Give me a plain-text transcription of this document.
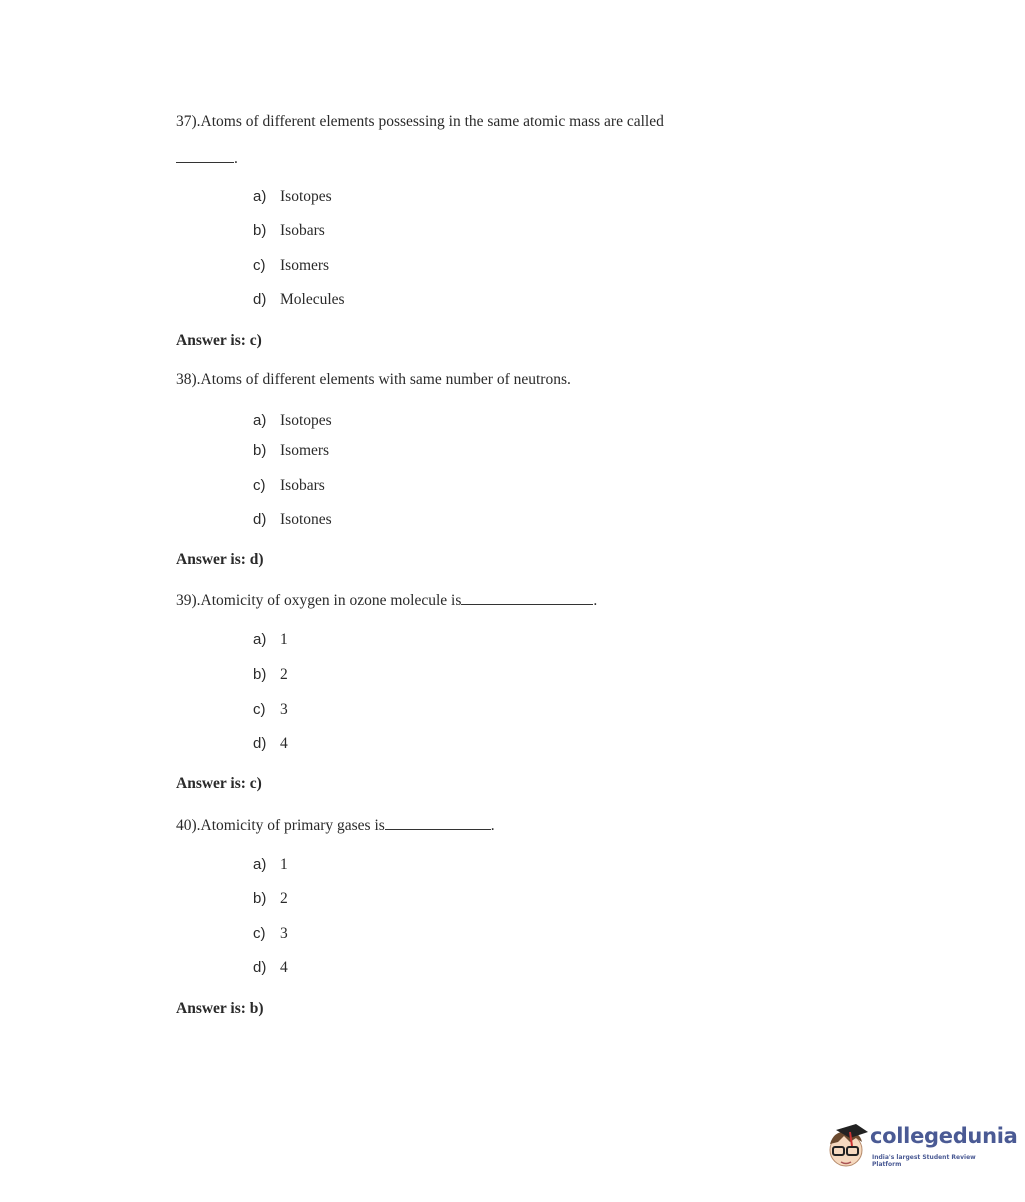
37).Atoms of different elements possessing in the same atomic mass are called
.
a) Isotopes
b) Isobars
c) Isomers
d) Molecules
Answer is: c)
38).Atoms of different elements with same number of neutrons.
a) Isotopes
b) Isomers
c) Isobars
d) Isotones
Answer is: d)
39).Atomicity of oxygen in ozone molecule is	.
a) 1
b) 2
c) 3
d) 4
Answer is: c)
40).Atomicity of primary gases is	.
a) 1
b) 2
c) 3
d) 4
Answer is: b)
collegedunia
India's largest Student Review Platform
